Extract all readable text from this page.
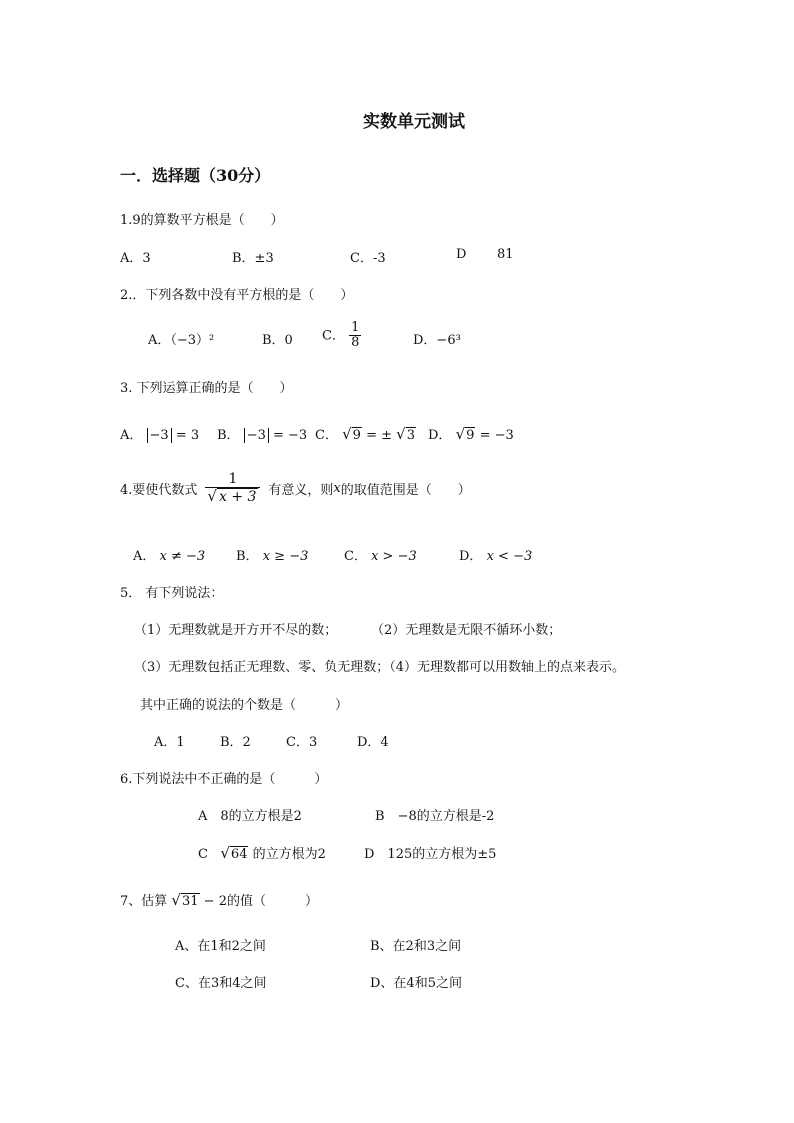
实数单元测试
一．选择题（30分）
1.9的算数平方根是（　　）
A．3	B．±3	C．-3	D 81
2.．下列各数中没有平方根的是（　　）
A．（−3）²	B．0 C． $\frac{1}{8}$	D．−6³
3. 下列运算正确的是（　　）
A． −3 = 3 B． −3 = −3 C． √9 = ± √3 D． √9 = −3
4.要使代数式 $\frac{1}{√ x + 3}$ 有意义，则 x 的取值范围是（　　）
A． x ≠ −3 B． x ≥ −3	C． x > −3	D． x < −3
5． 有下列说法：
（1）无理数就是开方开不尽的数；	（2）无理数是无限不循环小数；
（3）无理数包括正无理数、零、负无理数；（4）无理数都可以用数轴上的点来表示。
其中正确的说法的个数是（　　　）
A．1	B．2	C．3	D．4
6.下列说法中不正确的是（　　　）
A　8的立方根是2	B　−8的立方根是-2
C √64 的立方根为2	D　125的立方根为±5
7、估算 √31 − 2的值（　　　）
A、在1和2之间	B、在2和3之间
C、在3和4之间	D、在4和5之间
